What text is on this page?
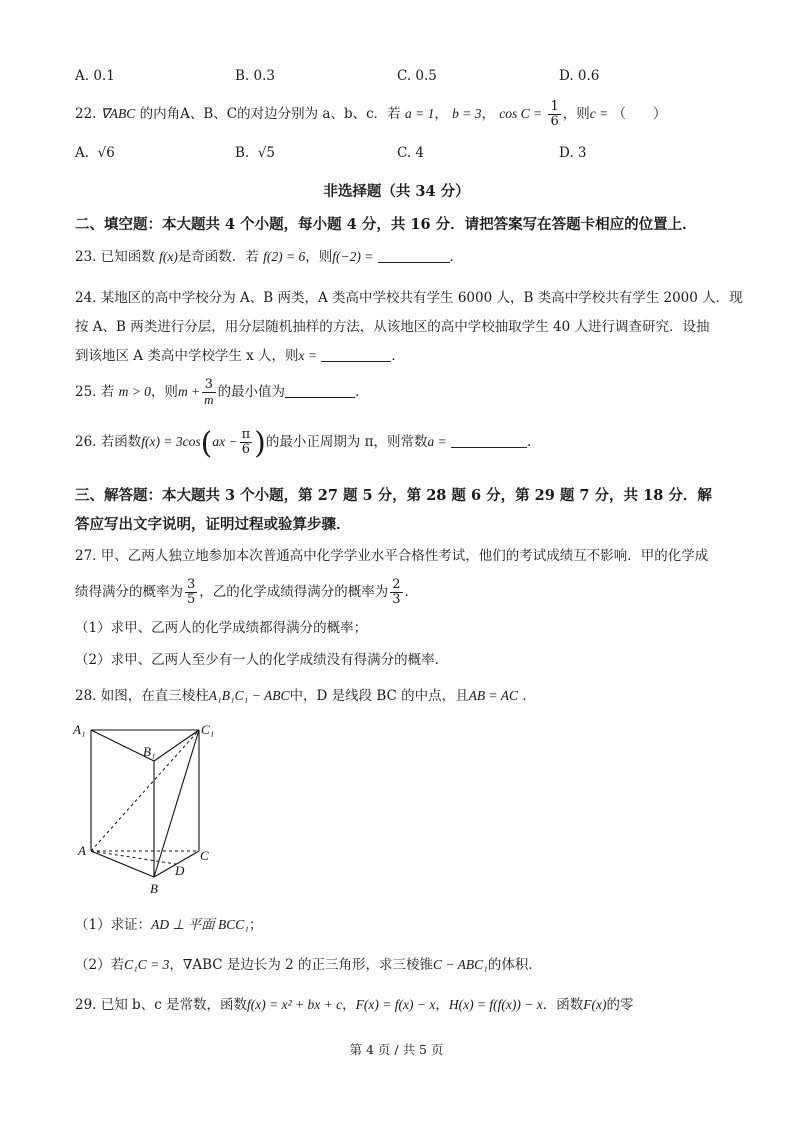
A. 0.1	B. 0.3	C. 0.5	D. 0.6
22. ∇ABC 的内角A、B、C的对边分别为 a、b、c．若 a = 1， b = 3， $\cos C = \frac{1}{6}$ ，则c = （　　）
A. √6	B. √5	C. 4	D. 3
非选择题（共 34 分）
二、填空题：本大题共 4 个小题，每小题 4 分，共 16 分．请把答案写在答题卡相应的位置上．
23. 已知函数 f(x)是奇函数．若 f(2) = 6，则f(−2) =	．
24. 某地区的高中学校分为 A、B 两类，A 类高中学校共有学生 6000 人，B 类高中学校共有学生 2000 人．现
按 A、B 两类进行分层，用分层随机抽样的方法，从该地区的高中学校抽取学生 40 人进行调查研究．设抽
到该地区 A 类高中学校学生 x 人，则x =	．
25. 若 m > 0，则$m + \frac{3}{m}$ 的最小值为	．
26. 若函数$f(x) = 3\cos(ax - \frac{\pi}{6}$ )的最小正周期为 π，则常数a =	．
三、解答题：本大题共 3 个小题，第 27 题 5 分，第 28 题 6 分，第 29 题 7 分，共 18 分．解
答应写出文字说明，证明过程或验算步骤．
27. 甲、乙两人独立地参加本次普通高中化学学业水平合格性考试，他们的考试成绩互不影响．甲的化学成
绩得满分的概率为 $\frac{3}{5}$ ，乙的化学成绩得满分的概率为 $\frac{2}{3}$ ．
（1）求甲、乙两人的化学成绩都得满分的概率；
（2）求甲、乙两人至少有一人的化学成绩没有得满分的概率．
28. 如图，在直三棱柱A₁B₁C₁ − ABC中，D 是线段 BC 的中点，且AB = AC ．
A₁
B₁
C₁
A	C
D
B
（1）求证：AD ⊥ 平面 BCC₁；
（2）若C₁C = 3，∇ABC 是边长为 2 的正三角形，求三棱锥C − ABC₁的体积．
29. 已知 b、c 是常数，函数f(x) = x² + bx + c，F(x) = f(x) − x，H(x) = f(f(x)) − x．函数F(x)的零
第 4 页 / 共 5 页
